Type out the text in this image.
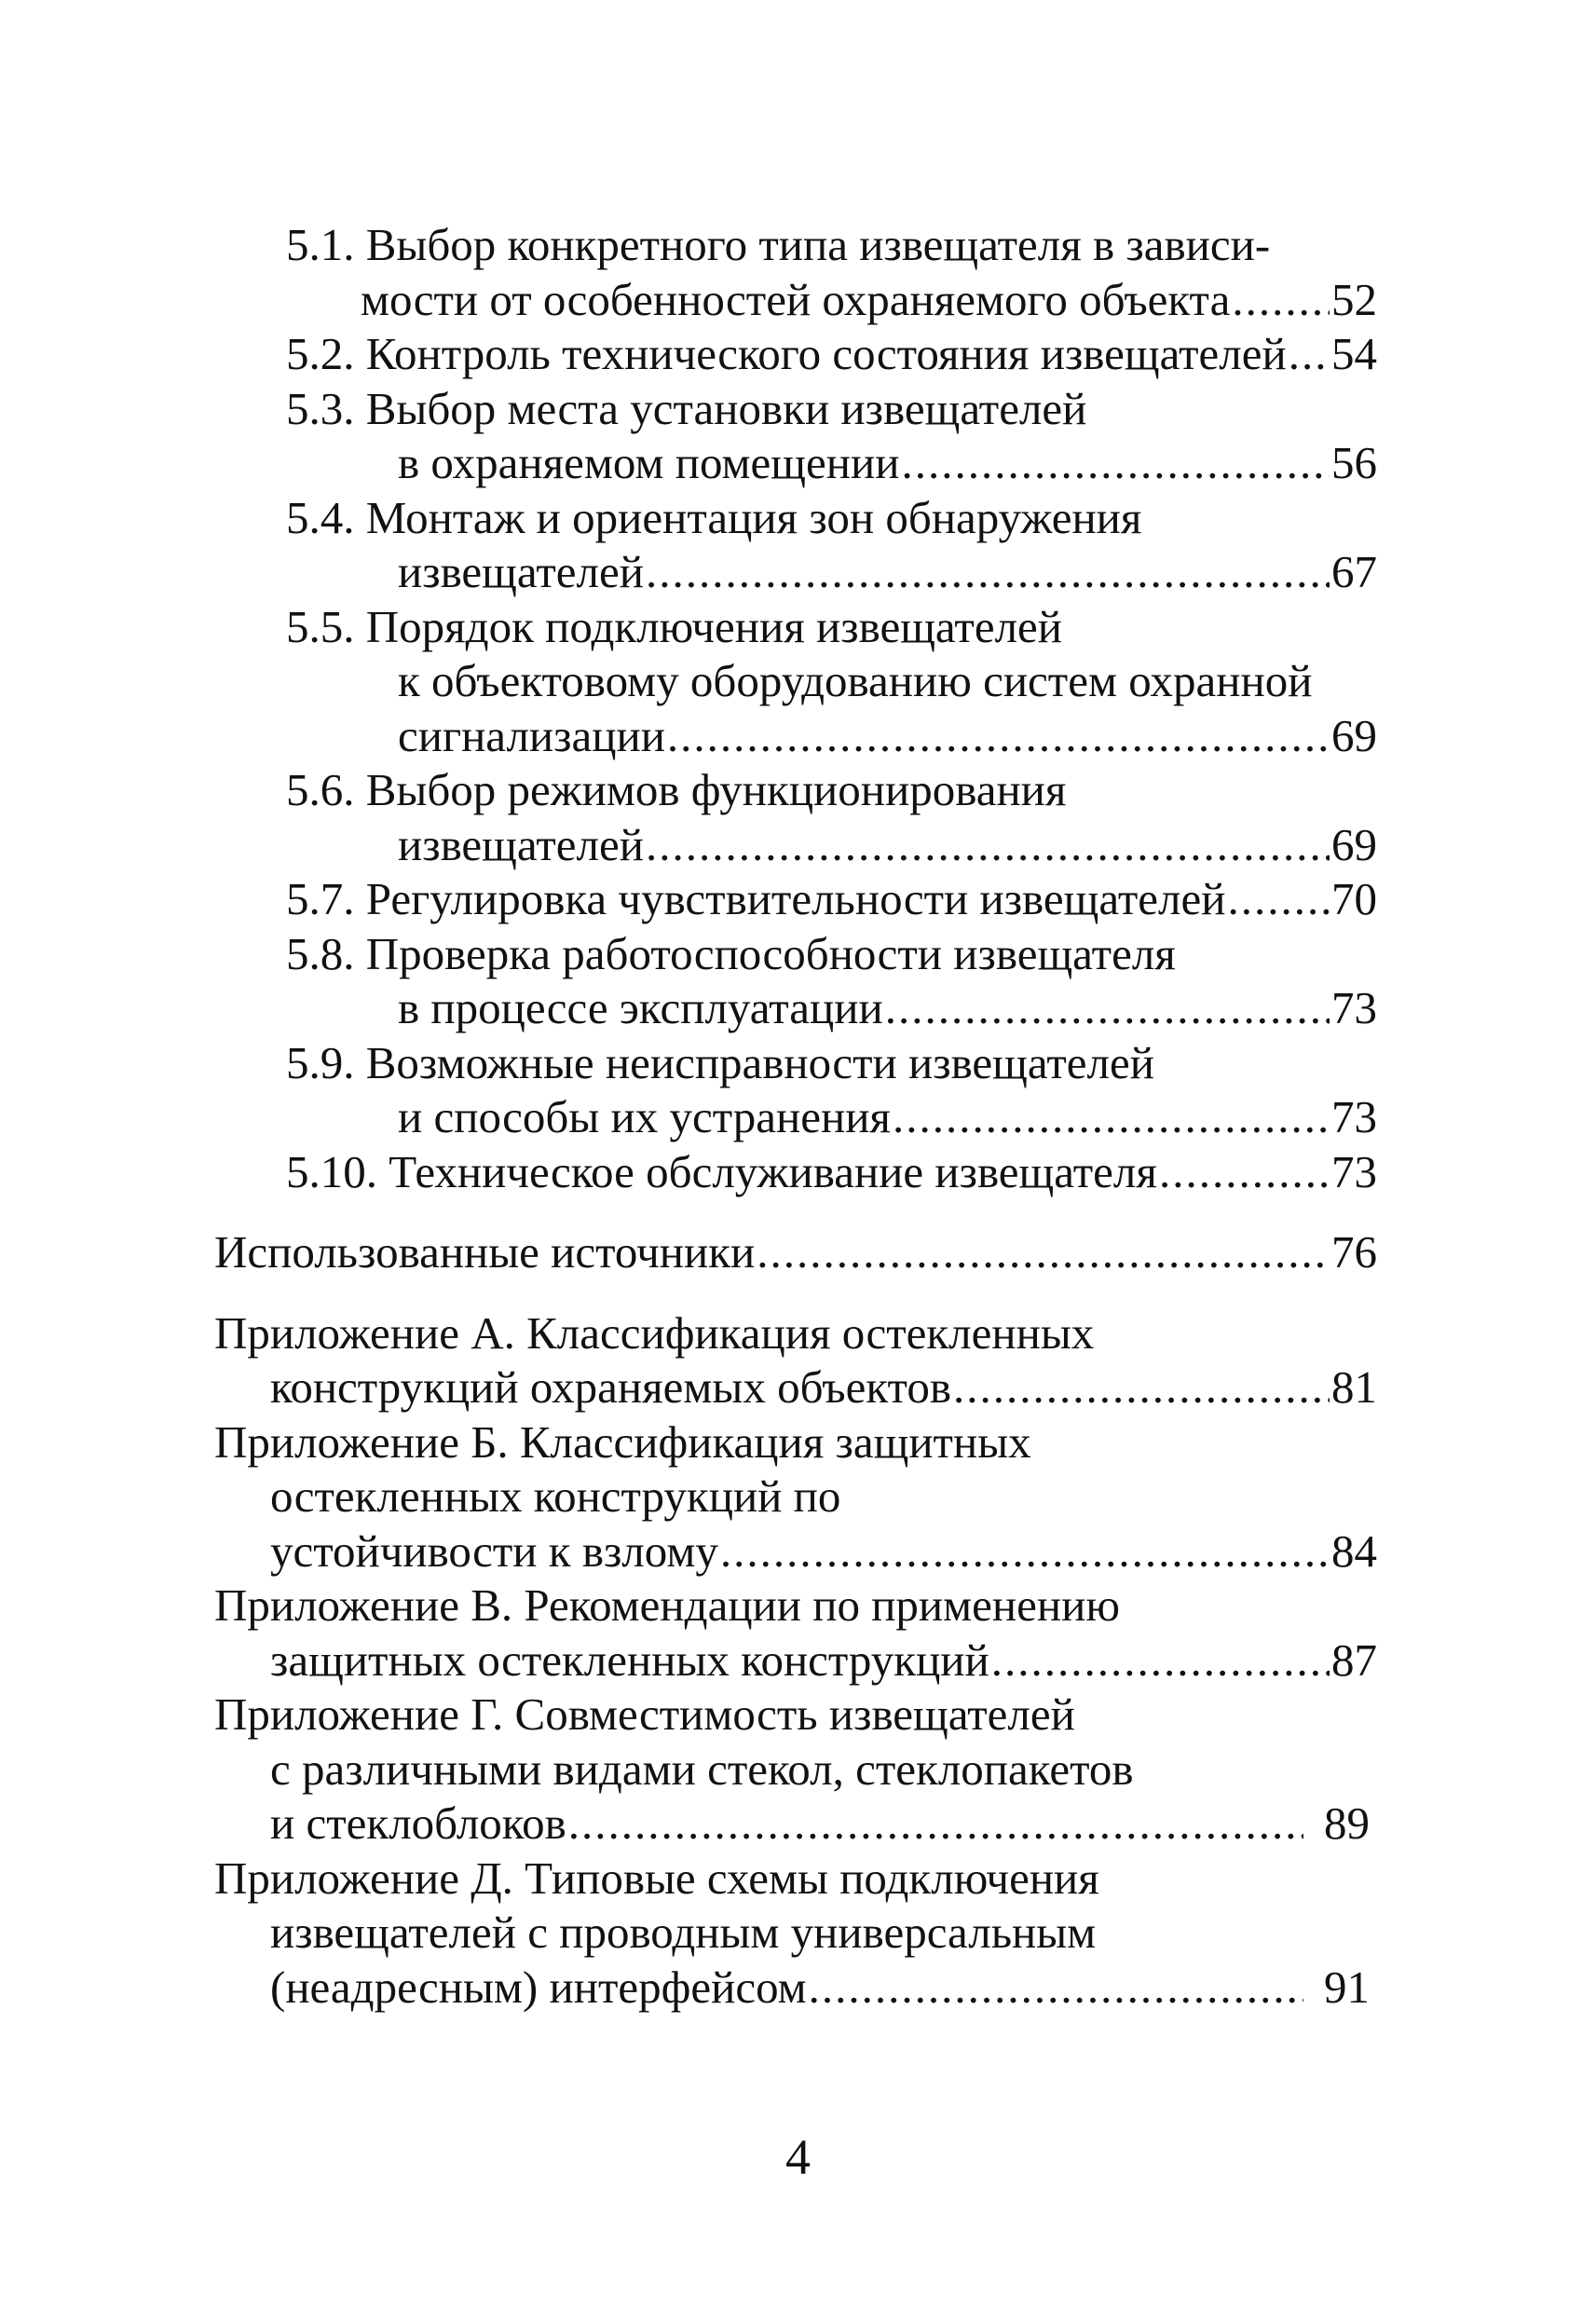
5.1. Выбор конкретного типа извещателя в зависи-
мости от особенностей охраняемого объекта ..... 52
5.2. Контроль технического состояния извещателей ..... 54
5.3. Выбор места установки извещателей
в охраняемом помещении .....	56
5.4. Монтаж и ориентация зон обнаружения
извещателей .....	67
5.5. Порядок подключения извещателей
к объектовому оборудованию систем охранной
сигнализации .....	69
5.6. Выбор режимов функционирования
извещателей .....	69
5.7. Регулировка чувствительности извещателей ..... 70
5.8. Проверка работоспособности извещателя
в процессе эксплуатации .....	73
5.9. Возможные неисправности извещателей
и способы их устранения .....	73
5.10. Техническое обслуживание извещателя .....	73
Использованные источники .....	76
Приложение А. Классификация остекленных
конструкций охраняемых объектов .....	81
Приложение Б. Классификация защитных
остекленных конструкций по
устойчивости к взлому .....	84
Приложение В. Рекомендации по применению
защитных остекленных конструкций .....	87
Приложение Г. Совместимость извещателей
с различными видами стекол, стеклопакетов
и стеклоблоков .....	89
Приложение Д. Типовые схемы подключения
извещателей с проводным универсальным
(неадресным) интерфейсом .....	91
4
